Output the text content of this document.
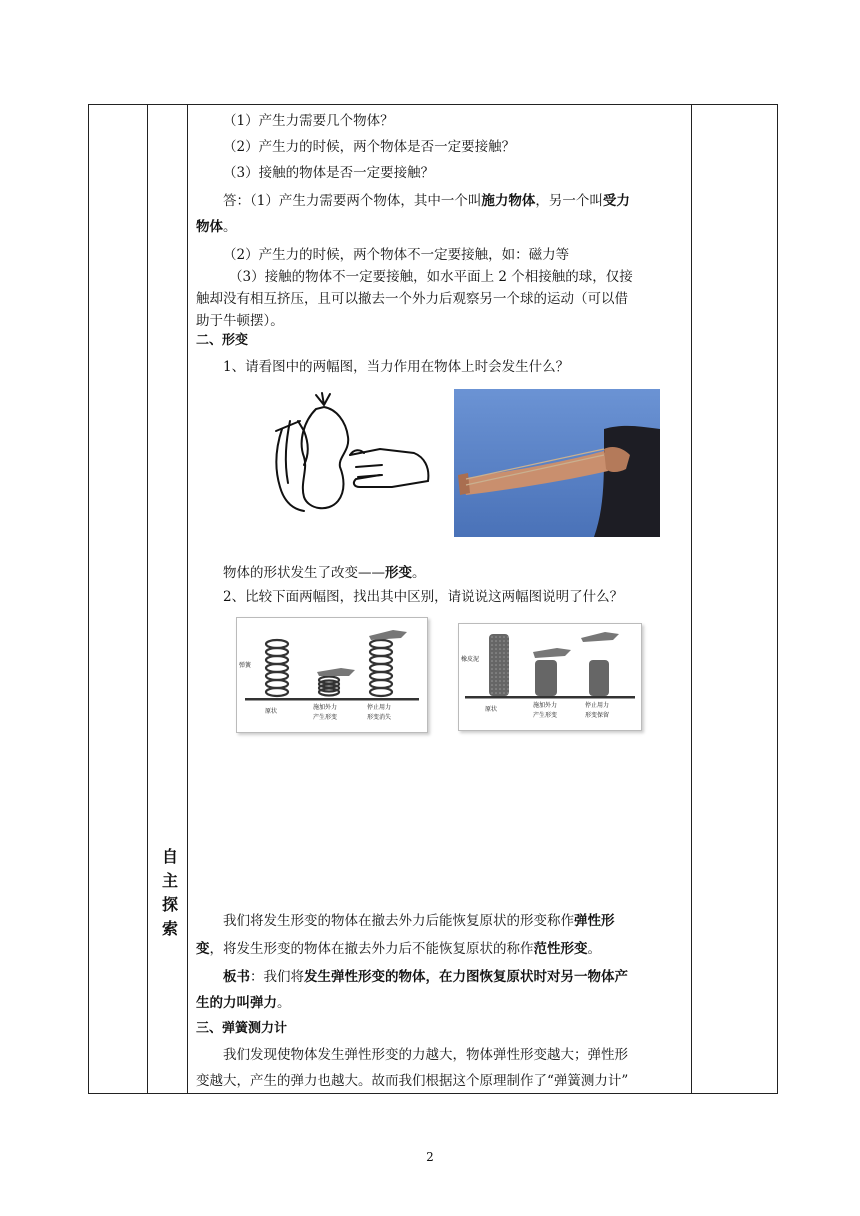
自
主
探
索
（1）产生力需要几个物体？
（2）产生力的时候，两个物体是否一定要接触？
（3）接触的物体是否一定要接触？
答：（1）产生力需要两个物体，其中一个叫施力物体，另一个叫受力
物体。
（2）产生力的时候，两个物体不一定要接触，如：磁力等
（3）接触的物体不一定要接触，如水平面上 2 个相接触的球，仅接
触却没有相互挤压，且可以撤去一个外力后观察另一个球的运动（可以借
助于牛顿摆）。
二、形变
1、请看图中的两幅图，当力作用在物体上时会发生什么？
物体的形状发生了改变——形变。
2、比较下面两幅图，找出其中区别，请说说这两幅图说明了什么？
弹簧
原状
施加外力
产生形变
停止用力
形变消失
橡皮泥
原状
施加外力
产生形变
停止用力
形变保留
我们将发生形变的物体在撤去外力后能恢复原状的形变称作弹性形
变，将发生形变的物体在撤去外力后不能恢复原状的称作范性形变。
板书：我们将发生弹性形变的物体，在力图恢复原状时对另一物体产
生的力叫弹力。
三、弹簧测力计
我们发现使物体发生弹性形变的力越大，物体弹性形变越大；弹性形
变越大，产生的弹力也越大。故而我们根据这个原理制作了“弹簧测力计”
2
